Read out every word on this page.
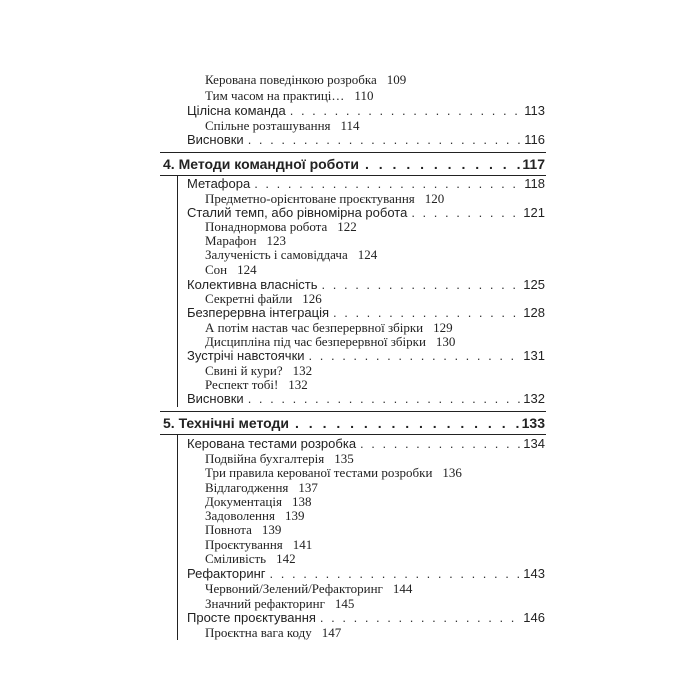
Керована поведінкою розробка 109
Тим часом на практиці… 110
Цілісна команда . . .	113
Спільне розташування 114
Висновки . . .	116
4. Методи командної роботи . . .	117
Метафора . . .	118
Предметно-орієнтоване проєктування 120
Сталий темп, або рівномірна робота . . .	121
Понаднормова робота 122
Марафон 123
Залученість і самовіддача 124
Сон 124
Колективна власність . . .	125
Секретні файли 126
Безперервна інтеграція . . .	128
А потім настав час безперервної збірки 129
Дисципліна під час безперервної збірки 130
Зустрічі навстоячки . . .	131
Свині й кури? 132
Респект тобі! 132
Висновки . . .	132
5. Технічні методи . . .	133
Керована тестами розробка . . .	134
Подвійна бухгалтерія 135
Три правила керованої тестами розробки 136
Відлагодження 137
Документація 138
Задоволення 139
Повнота 139
Проєктування 141
Сміливість 142
Рефакторинг . . .	143
Червоний/Зелений/Рефакторинг 144
Значний рефакторинг 145
Просте проєктування . . .	146
Проєктна вага коду 147
